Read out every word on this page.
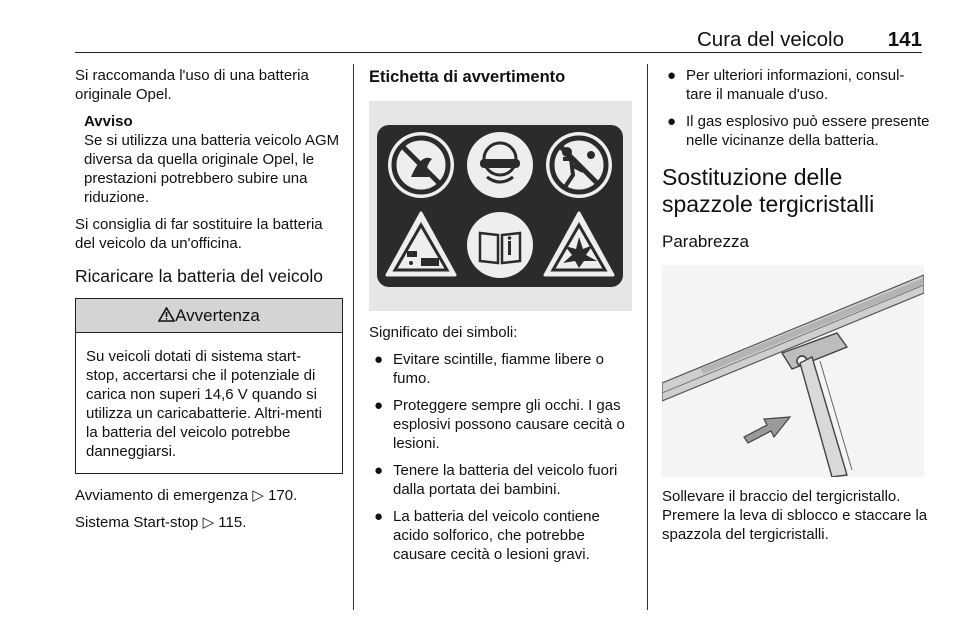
Cura del veicolo 141

Si raccomanda l'uso di una batteria originale Opel.

Avviso
Se si utilizza una batteria veicolo AGM diversa da quella originale Opel, le prestazioni potrebbero subire una riduzione.

Si consiglia di far sostituire la batteria del veicolo da un'officina.

Ricaricare la batteria del veicolo
Avvertenza
Su veicoli dotati di sistema start-stop, accertarsi che il potenziale di carica non superi 14,6 V quando si utilizza un caricabatterie. Altri-menti la batteria del veicolo potrebbe danneggiarsi.

Avviamento di emergenza ▷ 170.

Sistema Start-stop ▷ 115.

Etichetta di avvertimento

Significato dei simboli:

● Evitare scintille, fiamme libere o fumo.
● Proteggere sempre gli occhi. I gas esplosivi possono causare cecità o lesioni.
● Tenere la batteria del veicolo fuori dalla portata dei bambini.
● La batteria del veicolo contiene acido solforico, che potrebbe causare cecità o lesioni gravi.
● Per ulteriori informazioni, consul-tare il manuale d'uso.
● Il gas esplosivo può essere presente nelle vicinanze della batteria.
Sostituzione delle spazzole tergicristalli
Parabrezza

Sollevare il braccio del tergicristallo. Premere la leva di sblocco e staccare la spazzola del tergicristalli.
